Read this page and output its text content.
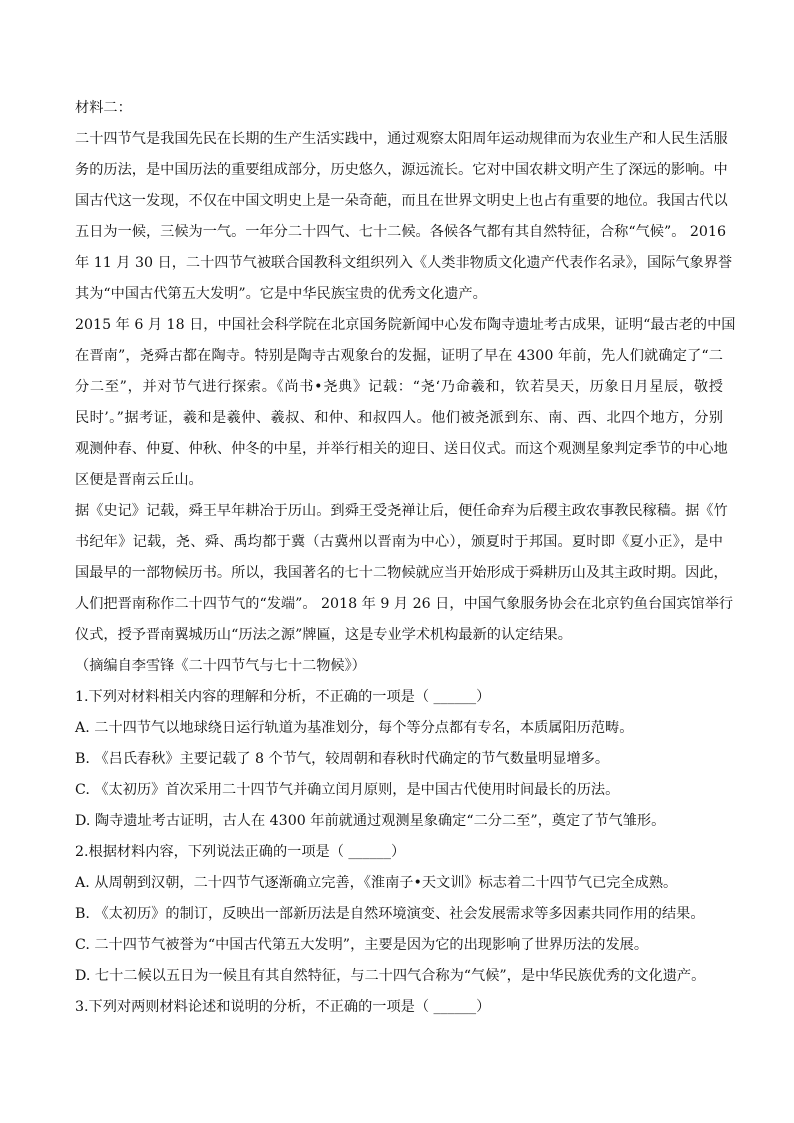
材料二：
二十四节气是我国先民在长期的生产生活实践中，通过观察太阳周年运动规律而为农业生产和人民生活服
务的历法，是中国历法的重要组成部分，历史悠久，源远流长。它对中国农耕文明产生了深远的影响。中
国古代这一发现，不仅在中国文明史上是一朵奇葩，而且在世界文明史上也占有重要的地位。我国古代以
五日为一候，三候为一气。一年分二十四气、七十二候。各候各气都有其自然特征，合称“气候”。 2016
年 11 月 30 日，二十四节气被联合国教科文组织列入《人类非物质文化遗产代表作名录》，国际气象界誉
其为“中国古代第五大发明”。它是中华民族宝贵的优秀文化遗产。
2015 年 6 月 18 日，中国社会科学院在北京国务院新闻中心发布陶寺遗址考古成果，证明“最古老的中国
在晋南”，尧舜古都在陶寺。特别是陶寺古观象台的发掘，证明了早在 4300 年前，先人们就确定了“二
分二至”，并对节气进行探索。《尚书•尧典》记载：“尧‘乃命羲和，钦若昊天，历象日月星辰，敬授
民时’。”据考证，羲和是羲仲、羲叔、和仲、和叔四人。他们被尧派到东、南、西、北四个地方，分别
观测仲春、仲夏、仲秋、仲冬的中星，并举行相关的迎日、送日仪式。而这个观测星象判定季节的中心地
区便是晋南云丘山。
据《史记》记载，舜王早年耕冶于历山。到舜王受尧禅让后，便任命弃为后稷主政农事教民稼穑。据《竹
书纪年》记载，尧、舜、禹均都于冀（古冀州以晋南为中心），颁夏时于邦国。夏时即《夏小正》，是中
国最早的一部物候历书。所以，我国著名的七十二物候就应当开始形成于舜耕历山及其主政时期。因此，
人们把晋南称作二十四节气的“发端”。 2018 年 9 月 26 日，中国气象服务协会在北京钓鱼台国宾馆举行
仪式，授予晋南翼城历山“历法之源”牌匾，这是专业学术机构最新的认定结果。
（摘编自李雪锋《二十四节气与七十二物候》）
1.下列对材料相关内容的理解和分析，不正确的一项是（ ______）
A. 二十四节气以地球绕日运行轨道为基准划分，每个等分点都有专名，本质属阳历范畴。
B. 《吕氏春秋》主要记载了 8 个节气，较周朝和春秋时代确定的节气数量明显增多。
C. 《太初历》首次采用二十四节气并确立闰月原则，是中国古代使用时间最长的历法。
D. 陶寺遗址考古证明，古人在 4300 年前就通过观测星象确定“二分二至”，奠定了节气雏形。
2.根据材料内容，下列说法正确的一项是（ ______）
A. 从周朝到汉朝，二十四节气逐渐确立完善，《淮南子•天文训》标志着二十四节气已完全成熟。
B. 《太初历》的制订，反映出一部新历法是自然环境演变、社会发展需求等多因素共同作用的结果。
C. 二十四节气被誉为“中国古代第五大发明”，主要是因为它的出现影响了世界历法的发展。
D. 七十二候以五日为一候且有其自然特征，与二十四气合称为“气候”，是中华民族优秀的文化遗产。
3.下列对两则材料论述和说明的分析，不正确的一项是（ ______）
